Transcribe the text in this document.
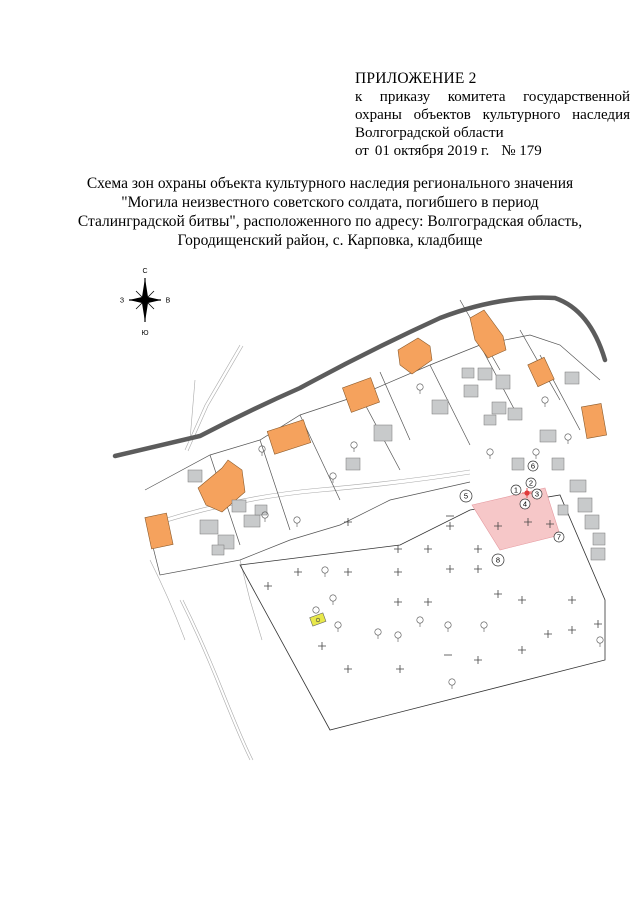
ПРИЛОЖЕНИЕ 2
к приказу комитета государственной
охраны объектов культурного наследия
Волгоградской области
от 01 октября 2019 г. № 179
Схема зон охраны объекта культурного наследия регионального значения
"Могила неизвестного советского солдата, погибшего в период
Сталинградской битвы", расположенного по адресу: Волгоградская область,
Городищенский район, с. Карповка, кладбище
С
Ю
З	В
1
2
3
4
5
6
7
8
